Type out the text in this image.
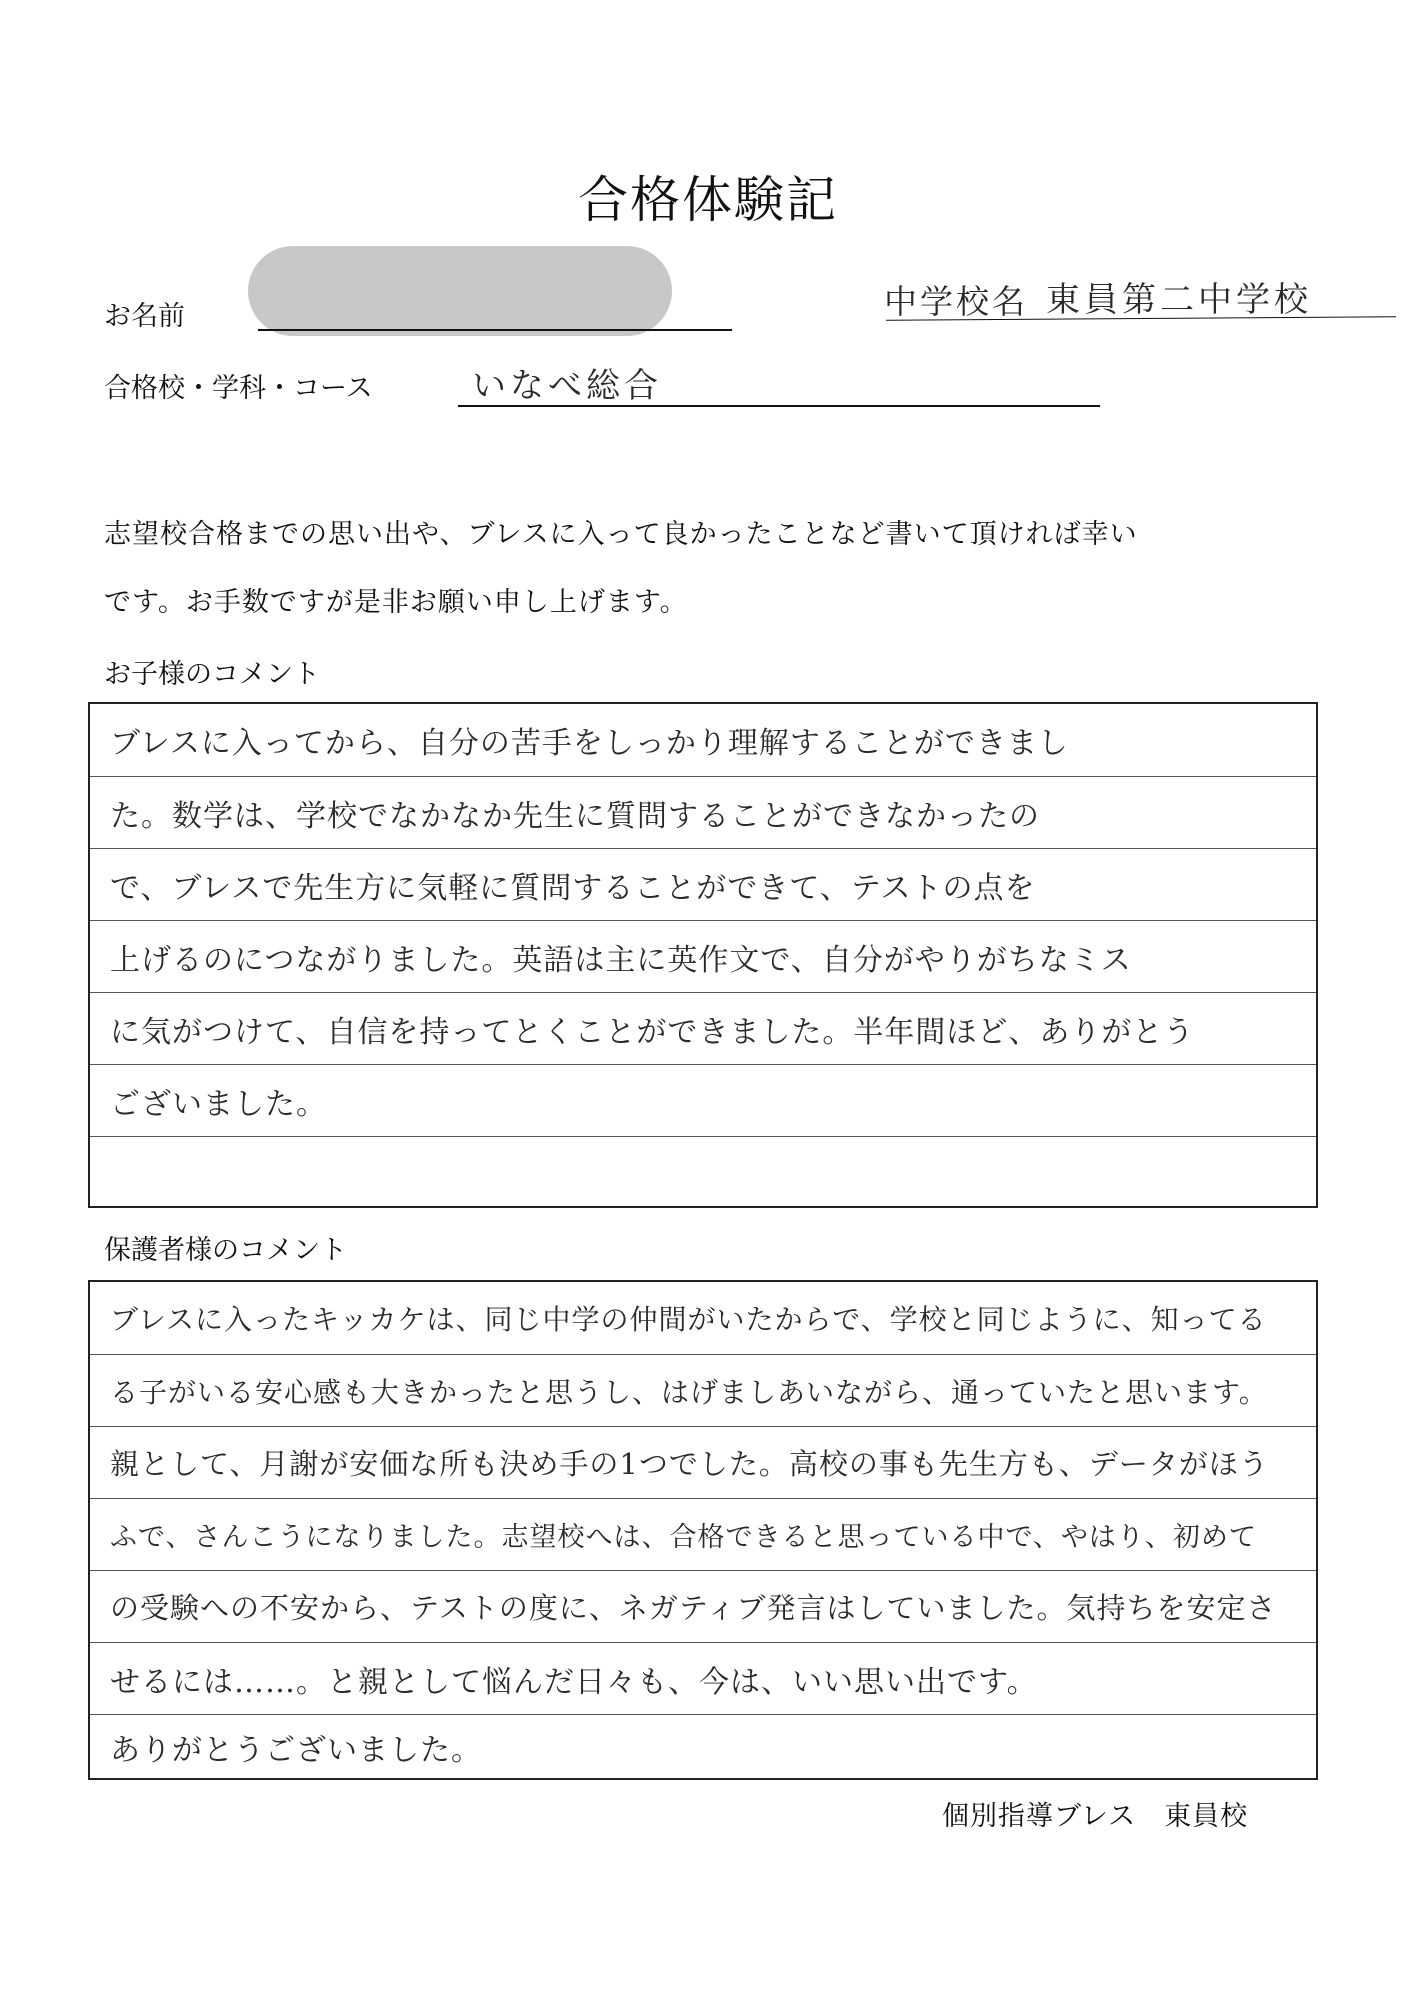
合格体験記
お名前	中学校名 東員第二中学校
合格校・学科・コース	いなべ総合
志望校合格までの思い出や、ブレスに入って良かったことなど書いて頂ければ幸い
です。お手数ですが是非お願い申し上げます。
お子様のコメント
ブレスに入ってから、自分の苦手をしっかり理解することができまし
た。数学は、学校でなかなか先生に質問することができなかったの
で、ブレスで先生方に気軽に質問することができて、テストの点を
上げるのにつながりました。英語は主に英作文で、自分がやりがちなミス
に気がつけて、自信を持ってとくことができました。半年間ほど、ありがとう
ございました。
保護者様のコメント
ブレスに入ったキッカケは、同じ中学の仲間がいたからで、学校と同じように、知ってる
る子がいる安心感も大きかったと思うし、はげましあいながら、通っていたと思います。
親として、月謝が安価な所も決め手の1つでした。高校の事も先生方も、データがほう
ふで、さんこうになりました。志望校へは、合格できると思っている中で、やはり、初めて
の受験への不安から、テストの度に、ネガティブ発言はしていました。気持ちを安定さ
せるには……。と親として悩んだ日々も、今は、いい思い出です。
ありがとうございました。
個別指導ブレス　東員校
